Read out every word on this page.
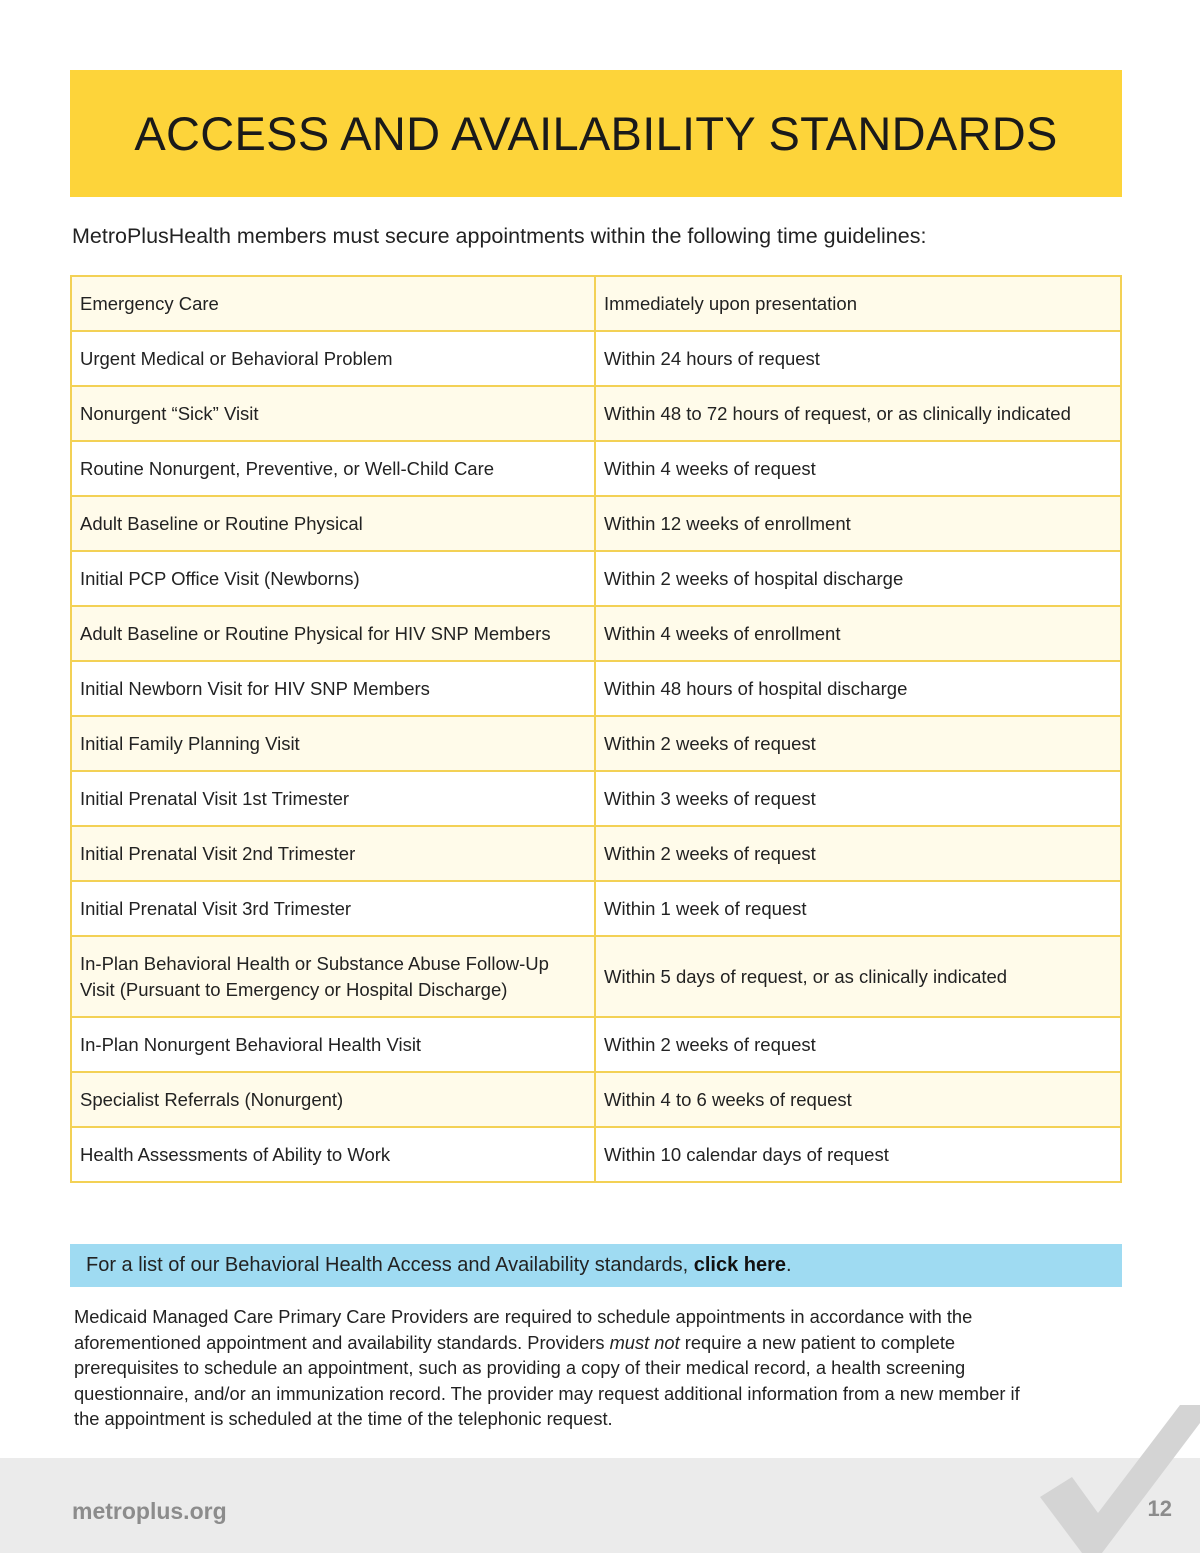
ACCESS AND AVAILABILITY STANDARDS
MetroPlusHealth members must secure appointments within the following time guidelines:
Emergency Care	Immediately upon presentation
Urgent Medical or Behavioral Problem	Within 24 hours of request
Nonurgent “Sick” Visit	Within 48 to 72 hours of request, or as clinically indicated
Routine Nonurgent, Preventive, or Well-Child Care	Within 4 weeks of request
Adult Baseline or Routine Physical	Within 12 weeks of enrollment
Initial PCP Office Visit (Newborns)	Within 2 weeks of hospital discharge
Adult Baseline or Routine Physical for HIV SNP Members	Within 4 weeks of enrollment
Initial Newborn Visit for HIV SNP Members	Within 48 hours of hospital discharge
Initial Family Planning Visit	Within 2 weeks of request
Initial Prenatal Visit 1st Trimester	Within 3 weeks of request
Initial Prenatal Visit 2nd Trimester	Within 2 weeks of request
Initial Prenatal Visit 3rd Trimester	Within 1 week of request
In-Plan Behavioral Health or Substance Abuse Follow-Up Visit (Pursuant to Emergency or Hospital Discharge)	Within 5 days of request, or as clinically indicated
In-Plan Nonurgent Behavioral Health Visit	Within 2 weeks of request
Specialist Referrals (Nonurgent)	Within 4 to 6 weeks of request
Health Assessments of Ability to Work	Within 10 calendar days of request
For a list of our Behavioral Health Access and Availability standards, click here.
Medicaid Managed Care Primary Care Providers are required to schedule appointments in accordance with the aforementioned appointment and availability standards. Providers must not require a new patient to complete prerequisites to schedule an appointment, such as providing a copy of their medical record, a health screening questionnaire, and/or an immunization record. The provider may request additional information from a new member if the appointment is scheduled at the time of the telephonic request.
metroplus.org	12
